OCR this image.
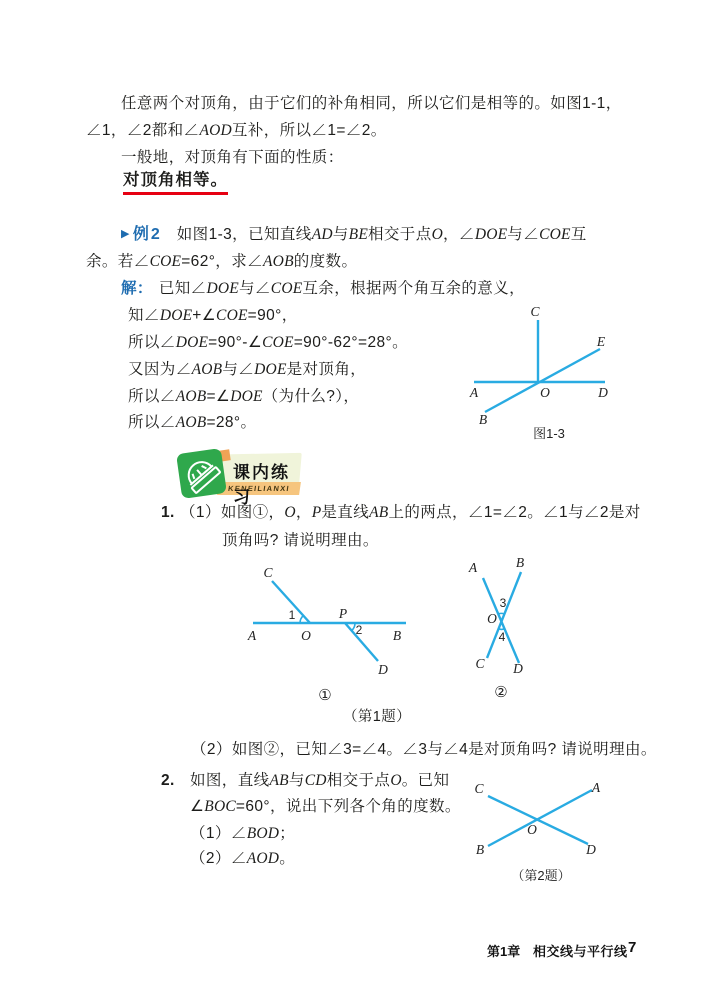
任意两个对顶角，由于它们的补角相同，所以它们是相等的。如图1-1，
∠1，∠2都和∠AOD互补，所以∠1=∠2。
一般地，对顶角有下面的性质：
对顶角相等。
▶ 例2 如图1-3，已知直线AD与BE相交于点O，∠DOE与∠COE互
余。若∠COE=62°，求∠AOB的度数。
解： 已知∠DOE与∠COE互余，根据两个角互余的意义，
知∠DOE+∠COE=90°，
所以∠DOE=90°-∠COE=90°-62°=28°。
又因为∠AOB与∠DOE是对顶角，
所以∠AOB=∠DOE（为什么?），
所以∠AOB=28°。
C
E
A	O	D
B
图1-3
KENEILIANXI
课内练习
1. （1）如图①，O，P是直线AB上的两点，∠1=∠2。∠1与∠2是对
顶角吗? 请说明理由。
C
A	O
P
B
D
1
2
①
A	B
C D
O
3
4
②
（第1题）
（2）如图②，已知∠3=∠4。∠3与∠4是对顶角吗? 请说明理由。
2. 如图，直线AB与CD相交于点O。已知
∠BOC=60°，说出下列各个角的度数。
（1）∠BOD；
（2）∠AOD。
C	A
B	D
O
（第2题）
第1章 相交线与平行线 7
